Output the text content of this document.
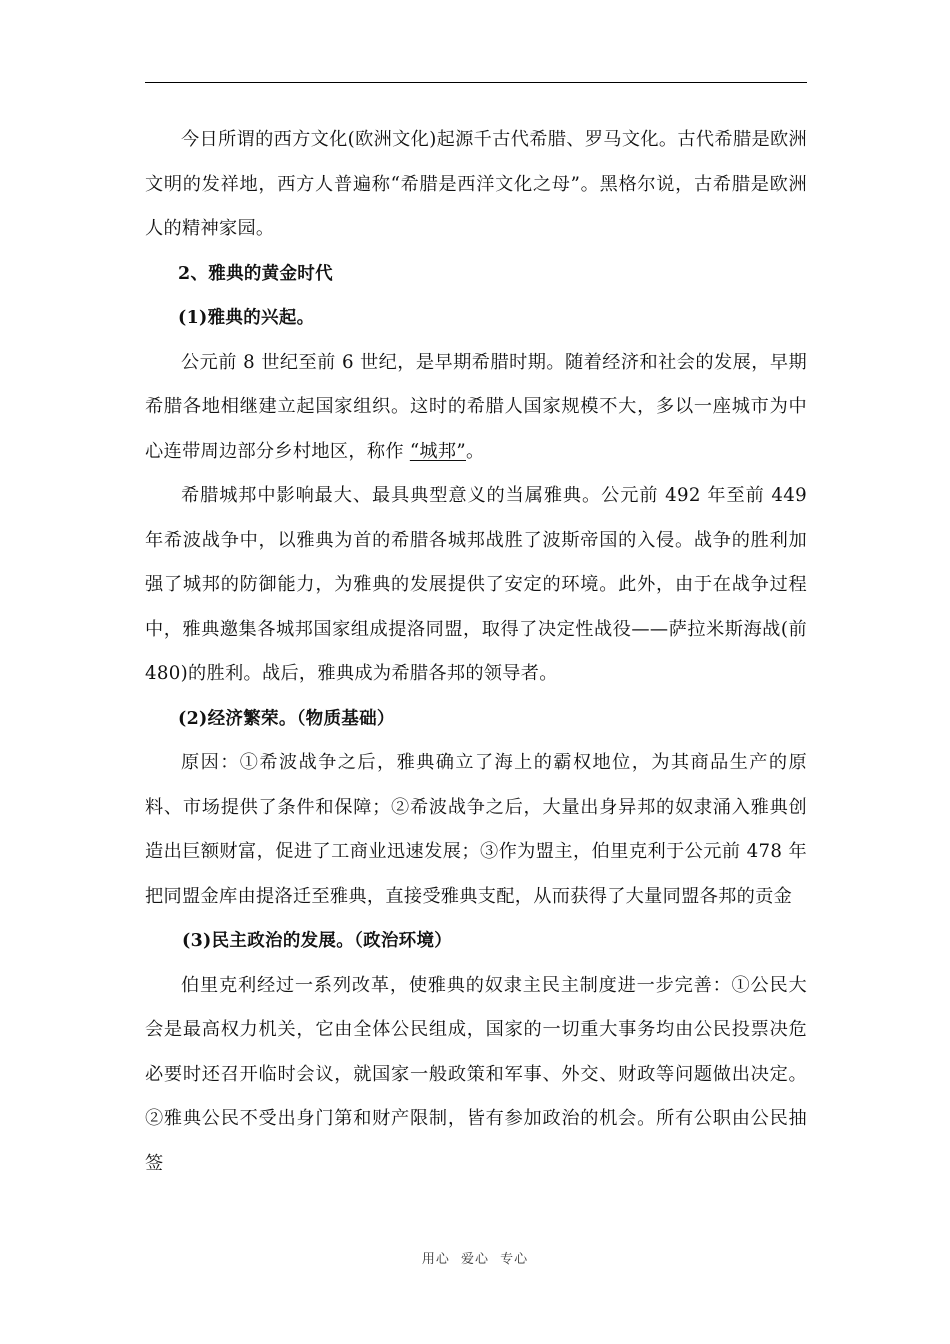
今日所谓的西方文化(欧洲文化)起源千古代希腊、罗马文化。古代希腊是欧洲文明的发祥地，西方人普遍称“希腊是西洋文化之母”。黑格尔说，古希腊是欧洲人的精神家园。

2、雅典的黄金时代

(1)雅典的兴起。

公元前 8 世纪至前 6 世纪，是早期希腊时期。随着经济和社会的发展，早期希腊各地相继建立起国家组织。这时的希腊人国家规模不大，多以一座城市为中心连带周边部分乡村地区，称作 “城邦”。

希腊城邦中影响最大、最具典型意义的当属雅典。公元前 492 年至前 449 年希波战争中，以雅典为首的希腊各城邦战胜了波斯帝国的入侵。战争的胜利加强了城邦的防御能力，为雅典的发展提供了安定的环境。此外，由于在战争过程中，雅典邀集各城邦国家组成提洛同盟，取得了决定性战役——萨拉米斯海战(前 480)的胜利。战后，雅典成为希腊各邦的领导者。

(2)经济繁荣。（物质基础）

原因：①希波战争之后，雅典确立了海上的霸权地位，为其商品生产的原料、市场提供了条件和保障；②希波战争之后，大量出身异邦的奴隶涌入雅典创造出巨额财富，促进了工商业迅速发展；③作为盟主，伯里克利于公元前 478 年把同盟金库由提洛迁至雅典，直接受雅典支配，从而获得了大量同盟各邦的贡金

(3)民主政治的发展。（政治环境）

伯里克利经过一系列改革，使雅典的奴隶主民主制度进一步完善：①公民大会是最高权力机关，它由全体公民组成，国家的一切重大事务均由公民投票决危必要时还召开临时会议，就国家一般政策和军事、外交、财政等问题做出决定。②雅典公民不受出身门第和财产限制，皆有参加政治的机会。所有公职由公民抽签

用心 爱心 专心
